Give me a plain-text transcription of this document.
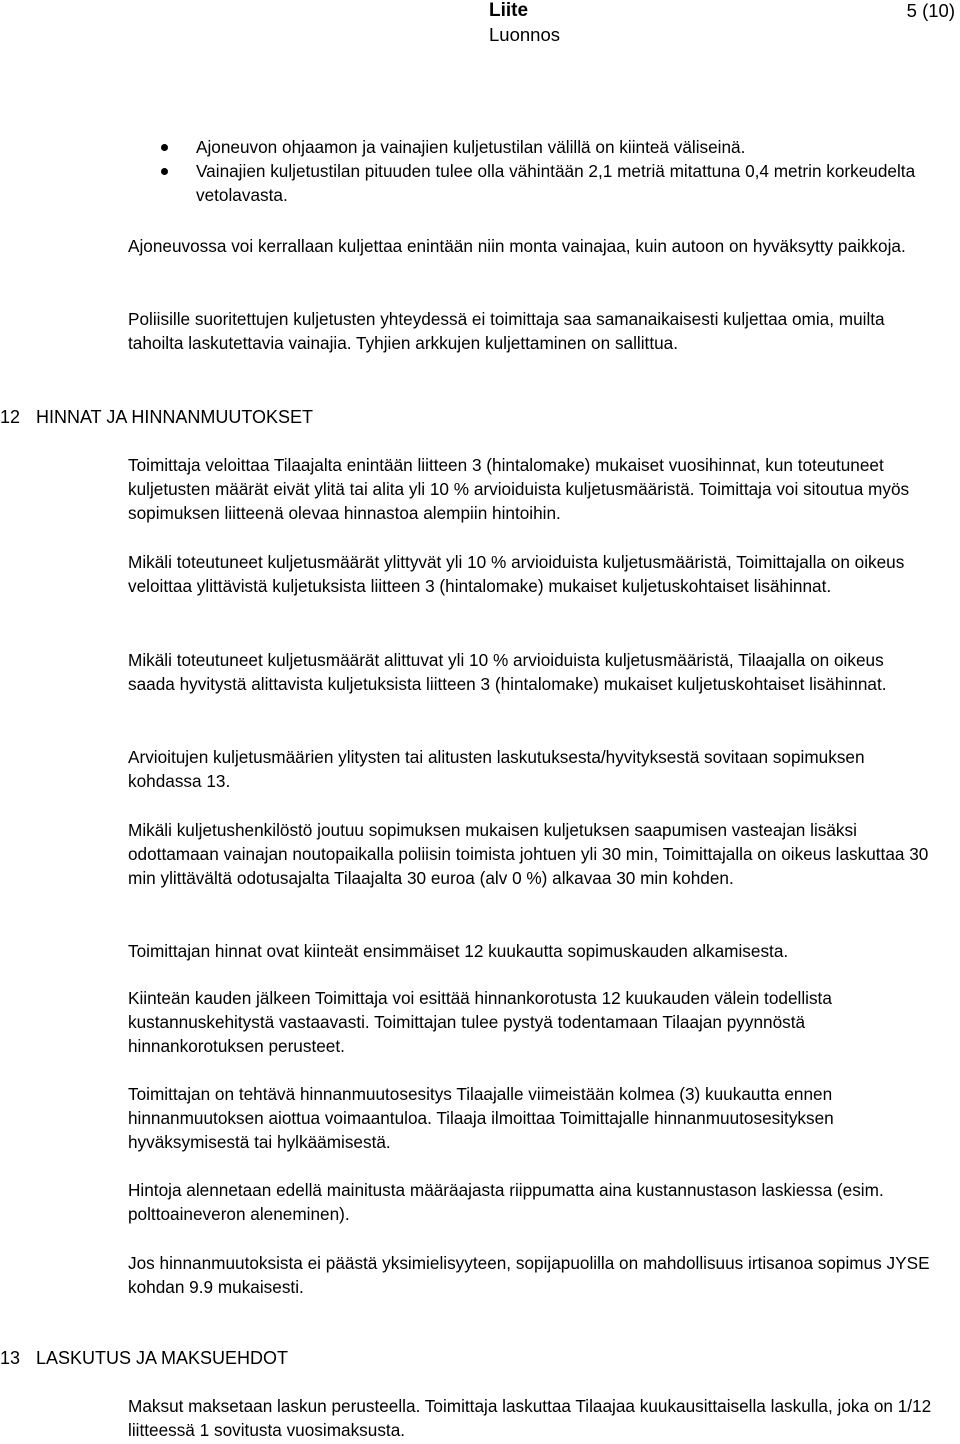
Liite
Luonnos
5 (10)
Ajoneuvon ohjaamon ja vainajien kuljetustilan välillä on kiinteä väliseinä.
Vainajien kuljetustilan pituuden tulee olla vähintään 2,1 metriä mitattuna 0,4 metrin korkeudelta vetolavasta.

Ajoneuvossa voi kerrallaan kuljettaa enintään niin monta vainajaa, kuin autoon on hyväksytty paikkoja.

Poliisille suoritettujen kuljetusten yhteydessä ei toimittaja saa samanaikaisesti kuljettaa omia, muilta tahoilta laskutettavia vainajia. Tyhjien arkkujen kuljettaminen on sallittua.

12 HINNAT JA HINNANMUUTOKSET

Toimittaja veloittaa Tilaajalta enintään liitteen 3 (hintalomake) mukaiset vuosihinnat, kun toteutuneet kuljetusten määrät eivät ylitä tai alita yli 10 % arvioiduista kuljetusmääristä. Toimittaja voi sitoutua myös sopimuksen liitteenä olevaa hinnastoa alempiin hintoihin.

Mikäli toteutuneet kuljetusmäärät ylittyvät yli 10 % arvioiduista kuljetusmääristä, Toimittajalla on oikeus veloittaa ylittävistä kuljetuksista liitteen 3 (hintalomake) mukaiset kuljetuskohtaiset lisähinnat.

Mikäli toteutuneet kuljetusmäärät alittuvat yli 10 % arvioiduista kuljetusmääristä, Tilaajalla on oikeus saada hyvitystä alittavista kuljetuksista liitteen 3 (hintalomake) mukaiset kuljetuskohtaiset lisähinnat.

Arvioitujen kuljetusmäärien ylitysten tai alitusten laskutuksesta/hyvityksestä sovitaan sopimuksen kohdassa 13.

Mikäli kuljetushenkilöstö joutuu sopimuksen mukaisen kuljetuksen saapumisen vasteajan lisäksi odottamaan vainajan noutopaikalla poliisin toimista johtuen yli 30 min, Toimittajalla on oikeus laskuttaa 30 min ylittävältä odotusajalta Tilaajalta 30 euroa (alv 0 %) alkavaa 30 min kohden.

Toimittajan hinnat ovat kiinteät ensimmäiset 12 kuukautta sopimuskauden alkamisesta.

Kiinteän kauden jälkeen Toimittaja voi esittää hinnankorotusta 12 kuukauden välein todellista kustannuskehitystä vastaavasti. Toimittajan tulee pystyä todentamaan Tilaajan pyynnöstä hinnankorotuksen perusteet.

Toimittajan on tehtävä hinnanmuutosesitys Tilaajalle viimeistään kolmea (3) kuukautta ennen hinnanmuutoksen aiottua voimaantuloa. Tilaaja ilmoittaa Toimittajalle hinnanmuutosesityksen hyväksymisestä tai hylkäämisestä.

Hintoja alennetaan edellä mainitusta määräajasta riippumatta aina kustannustason laskiessa (esim. polttoaineveron aleneminen).

Jos hinnanmuutoksista ei päästä yksimielisyyteen, sopijapuolilla on mahdollisuus irtisanoa sopimus JYSE kohdan 9.9 mukaisesti.

13 LASKUTUS JA MAKSUEHDOT

Maksut maksetaan laskun perusteella. Toimittaja laskuttaa Tilaajaa kuukausittaisella laskulla, joka on 1/12 liitteessä 1 sovitusta vuosimaksusta.
